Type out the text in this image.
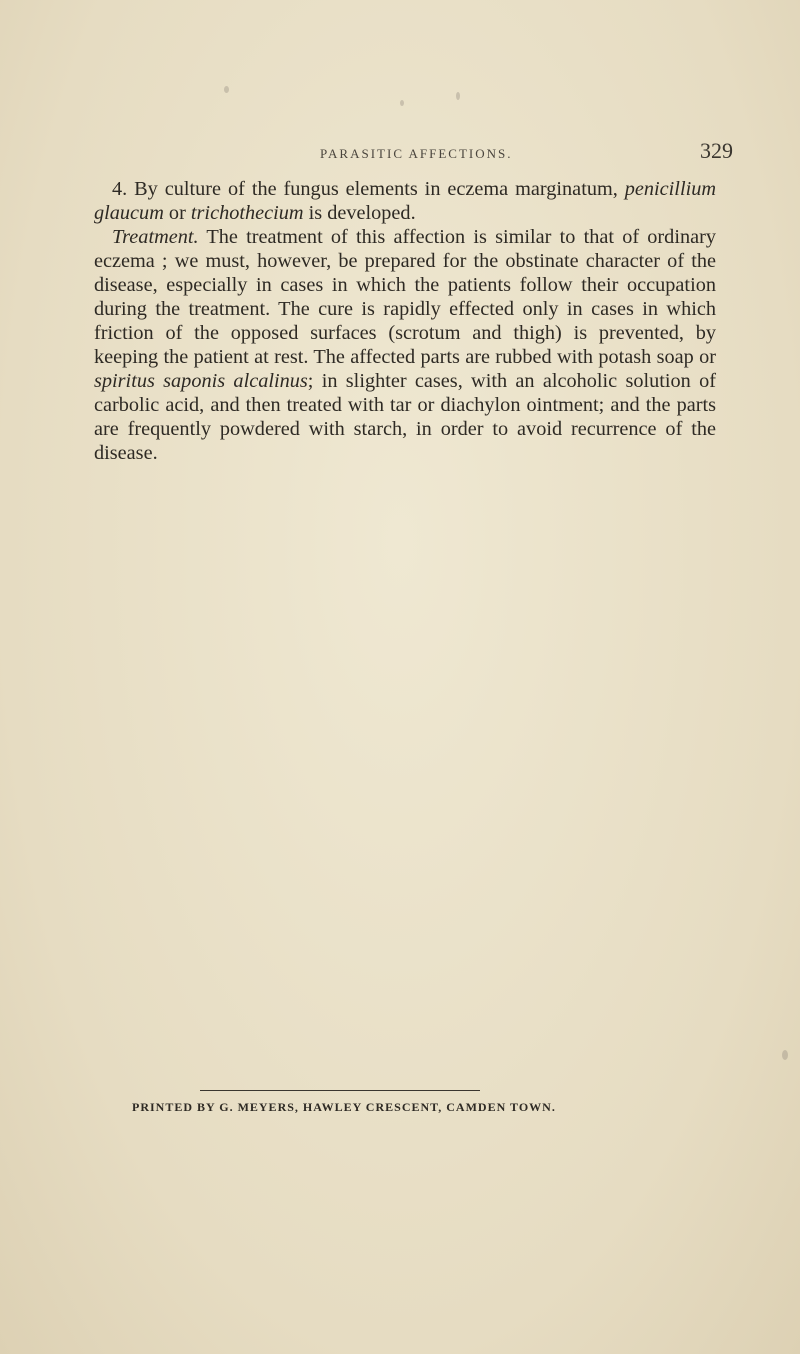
PARASITIC AFFECTIONS.	329

4. By culture of the fungus elements in eczema marginatum, penicillium glaucum or trichothecium is developed.

Treatment. The treatment of this affection is similar to that of ordinary eczema ; we must, however, be prepared for the obstinate character of the disease, especially in cases in which the patients follow their occupation during the treatment. The cure is rapidly effected only in cases in which friction of the opposed surfaces (scrotum and thigh) is prevented, by keeping the patient at rest. The affected parts are rubbed with potash soap or spiritus saponis alcalinus; in slighter cases, with an alcoholic solution of carbolic acid, and then treated with tar or diachylon ointment; and the parts are frequently powdered with starch, in order to avoid recurrence of the disease.

PRINTED BY G. MEYERS, HAWLEY CRESCENT, CAMDEN TOWN.
